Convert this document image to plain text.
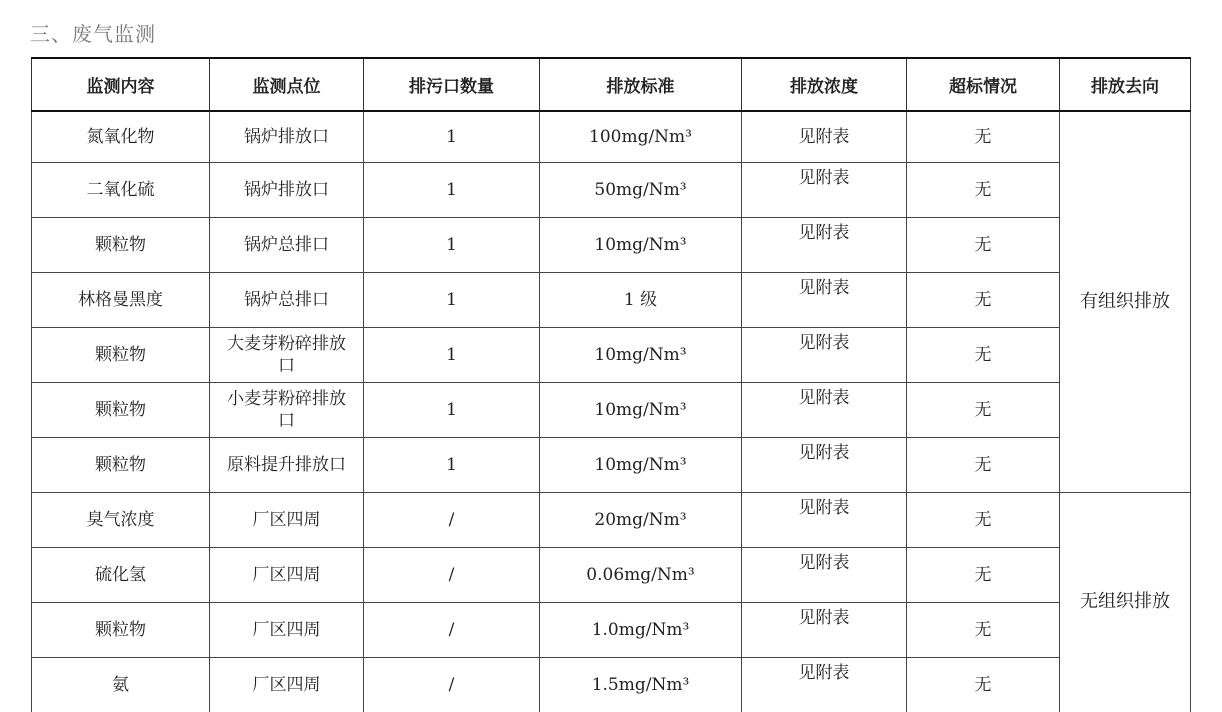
三、废气监测
监测内容	监测点位	排污口数量	排放标准	排放浓度	超标情况	排放去向
氮氧化物	锅炉排放口	1	100mg/Nm³	见附表	无	有组织排放
二氧化硫	锅炉排放口	1	50mg/Nm³	见附表	无	
颗粒物	锅炉总排口	1	10mg/Nm³	见附表	无	
林格曼黑度	锅炉总排口	1	1 级	见附表	无	
颗粒物	大麦芽粉碎排放口	1	10mg/Nm³	见附表	无	
颗粒物	小麦芽粉碎排放口	1	10mg/Nm³	见附表	无	
颗粒物	原料提升排放口	1	10mg/Nm³	见附表	无	
臭气浓度	厂区四周	/	20mg/Nm³	见附表	无	无组织排放
硫化氢	厂区四周	/	0.06mg/Nm³	见附表	无	
颗粒物	厂区四周	/	1.0mg/Nm³	见附表	无	
氨	厂区四周	/	1.5mg/Nm³	见附表	无	
